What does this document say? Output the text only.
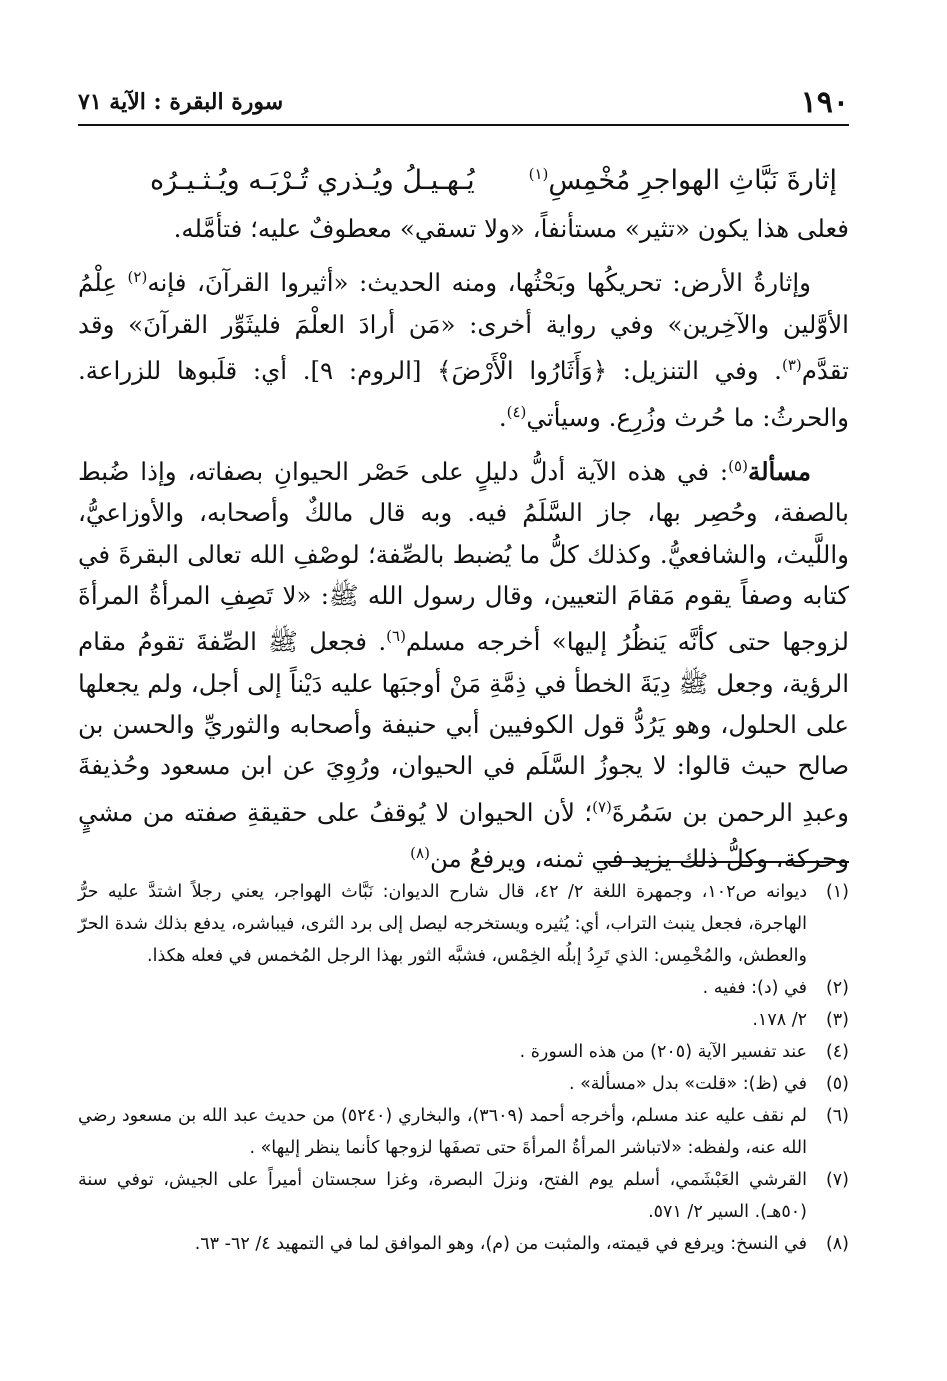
١٩٠
سورة البقرة : الآية ٧١
إثارةَ نَبَّاثِ الهواجرِ مُخْمِسِ$^{(١)}$
يُـهـيـلُ ويُـذري تُـرْبَـه ويُـثـيـرُه

فعلى هذا يكون «تثير» مستأنفاً، «ولا تسقي» معطوفٌ عليه؛ فتأمَّله.

وإثارةُ الأرض: تحريكُها وبَحْثُها، ومنه الحديث: «أثيروا القرآنَ، فإنه$^{(٢)}$ عِلْمُ الأوَّلين والآخِرين» وفي رواية أخرى: «مَن أرادَ العلْمَ فليثَوِّر القرآنَ» وقد تقدَّم$^{(٣)}$. وفي التنزيل: ﴿وَأَثَارُوا الْأَرْضَ﴾ [الروم: ٩]. أي: قلَبوها للزراعة. والحرثُ: ما حُرث وزُرِع. وسيأتي$^{(٤)}$.

مسألة$^{(٥)}$: في هذه الآية أدلُّ دليلٍ على حَصْر الحيوانِ بصفاته، وإذا ضُبط بالصفة، وحُصِر بها، جاز السَّلَمُ فيه. وبه قال مالكٌ وأصحابه، والأوزاعيُّ، واللَّيث، والشافعيُّ. وكذلك كلُّ ما يُضبط بالصِّفة؛ لوصْفِ الله تعالى البقرةَ في كتابه وصفاً يقوم مَقامَ التعيين، وقال رسول الله ﷺ: «لا تَصِفِ المرأةُ المرأةَ لزوجها حتى كأنَّه يَنظُرُ إليها» أخرجه مسلم$^{(٦)}$. فجعل ﷺ الصِّفةَ تقومُ مقام الرؤية، وجعل ﷺ دِيَةَ الخطأ في ذِمَّةِ مَنْ أوجبَها عليه دَيْناً إلى أجل، ولم يجعلها على الحلول، وهو يَرُدُّ قول الكوفيين أبي حنيفة وأصحابه والثوريِّ والحسن بن صالح حيث قالوا: لا يجوزُ السَّلَم في الحيوان، ورُوِيَ عن ابن مسعود وحُذيفةَ وعبدِ الرحمن بن سَمُرةَ$^{(٧)}$؛ لأن الحيوان لا يُوقفُ على حقيقةِ صفته من مشيٍ وحركة، وكلُّ ذلك يزيد في ثمنه، ويرفعُ من$^{(٨)}$

(١)
ديوانه ص١٠٢، وجمهرة اللغة ٢/ ٤٢، قال شارح الديوان: نَبَّاث الهواجر، يعني رجلاً اشتدَّ عليه حرُّ الهاجرة، فجعل ينبث التراب، أي: يُثيره ويستخرجه ليصل إلى برد الثرى، فيباشره، يدفع بذلك شدة الحرّ والعطش، والمُخْمِس: الذي تَرِدُ إبلُه الخِمْس، فشبَّه الثور بهذا الرجل المُخمس في فعله هكذا.
(٢)
في (د): ففيه .
(٣)
٢/ ١٧٨.
(٤)
عند تفسير الآية (٢٠٥) من هذه السورة .
(٥)
في (ظ): «قلت» بدل «مسألة» .
(٦)
لم نقف عليه عند مسلم، وأخرجه أحمد (٣٦٠٩)، والبخاري (٥٢٤٠) من حديث عبد الله بن مسعود رضي الله عنه، ولفظه: «لاتباشر المرأةُ المرأةَ حتى تصفَها لزوجها كأنما ينظر إليها» .
(٧)
القرشي العَبْشَمي، أسلم يوم الفتح، ونزلَ البصرة، وغزا سجستان أميراً على الجيش، توفي سنة (٥٠هـ). السير ٢/ ٥٧١.
(٨)
في النسخ: ويرفع في قيمته، والمثبت من (م)، وهو الموافق لما في التمهيد ٤/ ٦٢- ٦٣.
